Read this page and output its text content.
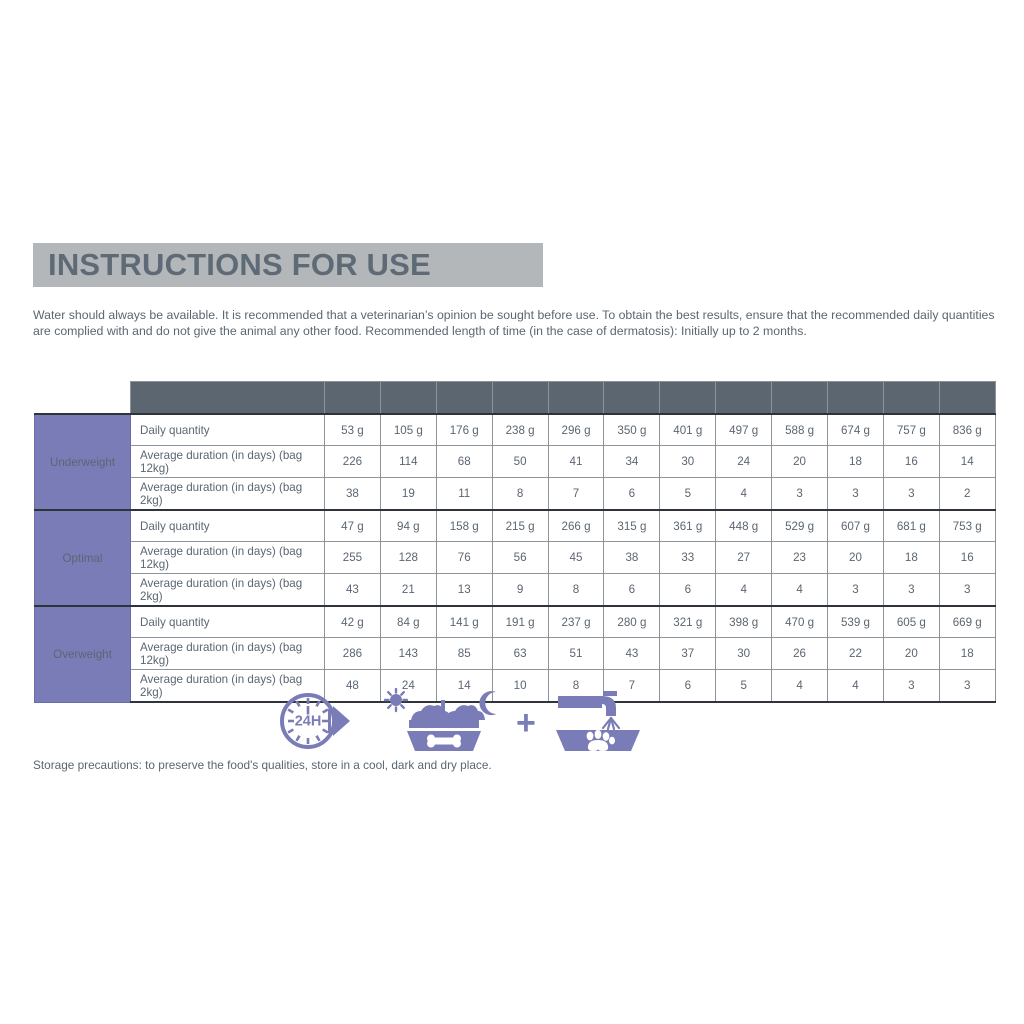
INSTRUCTIONS FOR USE
Water should always be available. It is recommended that a veterinarian’s opinion be sought before use. To obtain the best results, ensure that the recommended daily quantities are complied with and do not give the animal any other food. Recommended length of time (in the case of dermatosis): Initially up to 2 months.
	Optimal weight of dog	2 kg	5 kg	10 kg	15 kg	20 kg	25 kg	30 kg	40 kg	50 kg	60 kg	70 kg	80 kg
Underweight	Daily quantity	53 g	105 g	176 g	238 g	296 g	350 g	401 g	497 g	588 g	674 g	757 g	836 g
	Average duration (in days) (bag 12kg)	226	114	68	50	41	34	30	24	20	18	16	14
	Average duration (in days) (bag 2kg)	38	19	11	8	7	6	5	4	3	3	3	2
Optimal	Daily quantity	47 g	94 g	158 g	215 g	266 g	315 g	361 g	448 g	529 g	607 g	681 g	753 g
	Average duration (in days) (bag 12kg)	255	128	76	56	45	38	33	27	23	20	18	16
	Average duration (in days) (bag 2kg)	43	21	13	9	8	6	6	4	4	3	3	3
Overweight	Daily quantity	42 g	84 g	141 g	191 g	237 g	280 g	321 g	398 g	470 g	539 g	605 g	669 g
	Average duration (in days) (bag 12kg)	286	143	85	63	51	43	37	30	26	22	20	18
	Average duration (in days) (bag 2kg)	48	24	14	10	8	7	6	5	4	4	3	3
24H	+
Storage precautions: to preserve the food's qualities, store in a cool, dark and dry place.
